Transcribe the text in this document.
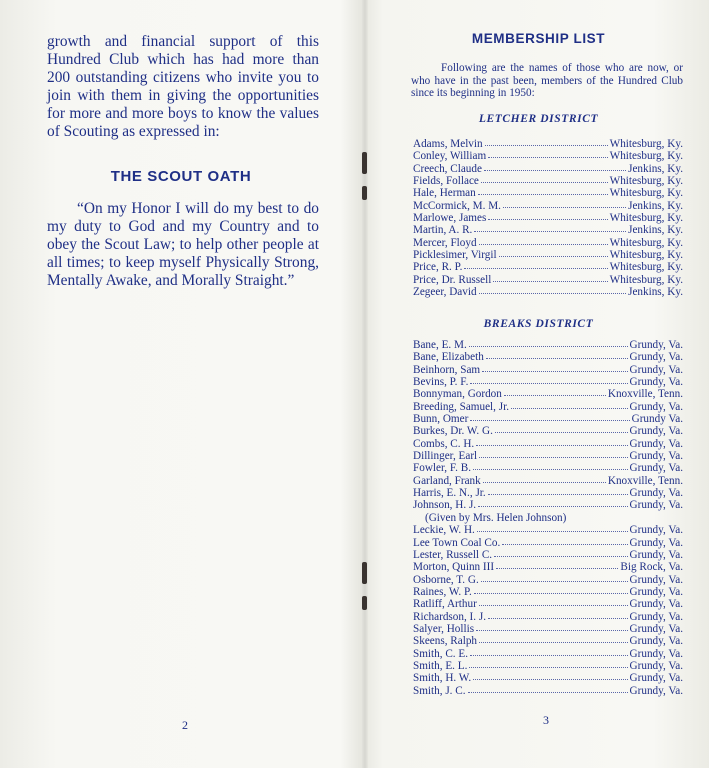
growth and financial support of this Hundred Club which has had more than 200 outstanding citizens who invite you to join with them in giving the opportunities for more and more boys to know the values of Scouting as expressed in:

THE SCOUT OATH

“On my Honor I will do my best to do my duty to God and my Country and to obey the Scout Law; to help other people at all times; to keep myself Physically Strong, Mentally Awake, and Morally Straight.”

2

MEMBERSHIP LIST

Following are the names of those who are now, or who have in the past been, members of the Hundred Club since its beginning in 1950:

LETCHER DISTRICT
Adams, Melvin	Whitesburg, Ky.
Conley, William	Whitesburg, Ky.
Creech, Claude	Jenkins, Ky.
Fields, Follace	Whitesburg, Ky.
Hale, Herman	Whitesburg, Ky.
McCormick, M. M.	Jenkins, Ky.
Marlowe, James	Whitesburg, Ky.
Martin, A. R.	Jenkins, Ky.
Mercer, Floyd	Whitesburg, Ky.
Picklesimer, Virgil	Whitesburg, Ky.
Price, R. P.	Whitesburg, Ky.
Price, Dr. Russell	Whitesburg, Ky.
Zegeer, David	Jenkins, Ky.
BREAKS DISTRICT
Bane, E. M.	Grundy, Va.
Bane, Elizabeth	Grundy, Va.
Beinhorn, Sam	Grundy, Va.
Bevins, P. F.	Grundy, Va.
Bonnyman, Gordon	Knoxville, Tenn.
Breeding, Samuel, Jr.	Grundy, Va.
Bunn, Omer	Grundy Va.
Burkes, Dr. W. G.	Grundy, Va.
Combs, C. H.	Grundy, Va.
Dillinger, Earl	Grundy, Va.
Fowler, F. B.	Grundy, Va.
Garland, Frank	Knoxville, Tenn.
Harris, E. N., Jr.	Grundy, Va.
Johnson, H. J.	Grundy, Va.
(Given by Mrs. Helen Johnson)
Leckie, W. H.	Grundy, Va.
Lee Town Coal Co.	Grundy, Va.
Lester, Russell C.	Grundy, Va.
Morton, Quinn III	Big Rock, Va.
Osborne, T. G.	Grundy, Va.
Raines, W. P.	Grundy, Va.
Ratliff, Arthur	Grundy, Va.
Richardson, I. J.	Grundy, Va.
Salyer, Hollis	Grundy, Va.
Skeens, Ralph	Grundy, Va.
Smith, C. E.	Grundy, Va.
Smith, E. L.	Grundy, Va.
Smith, H. W.	Grundy, Va.
Smith, J. C.	Grundy, Va.

3
